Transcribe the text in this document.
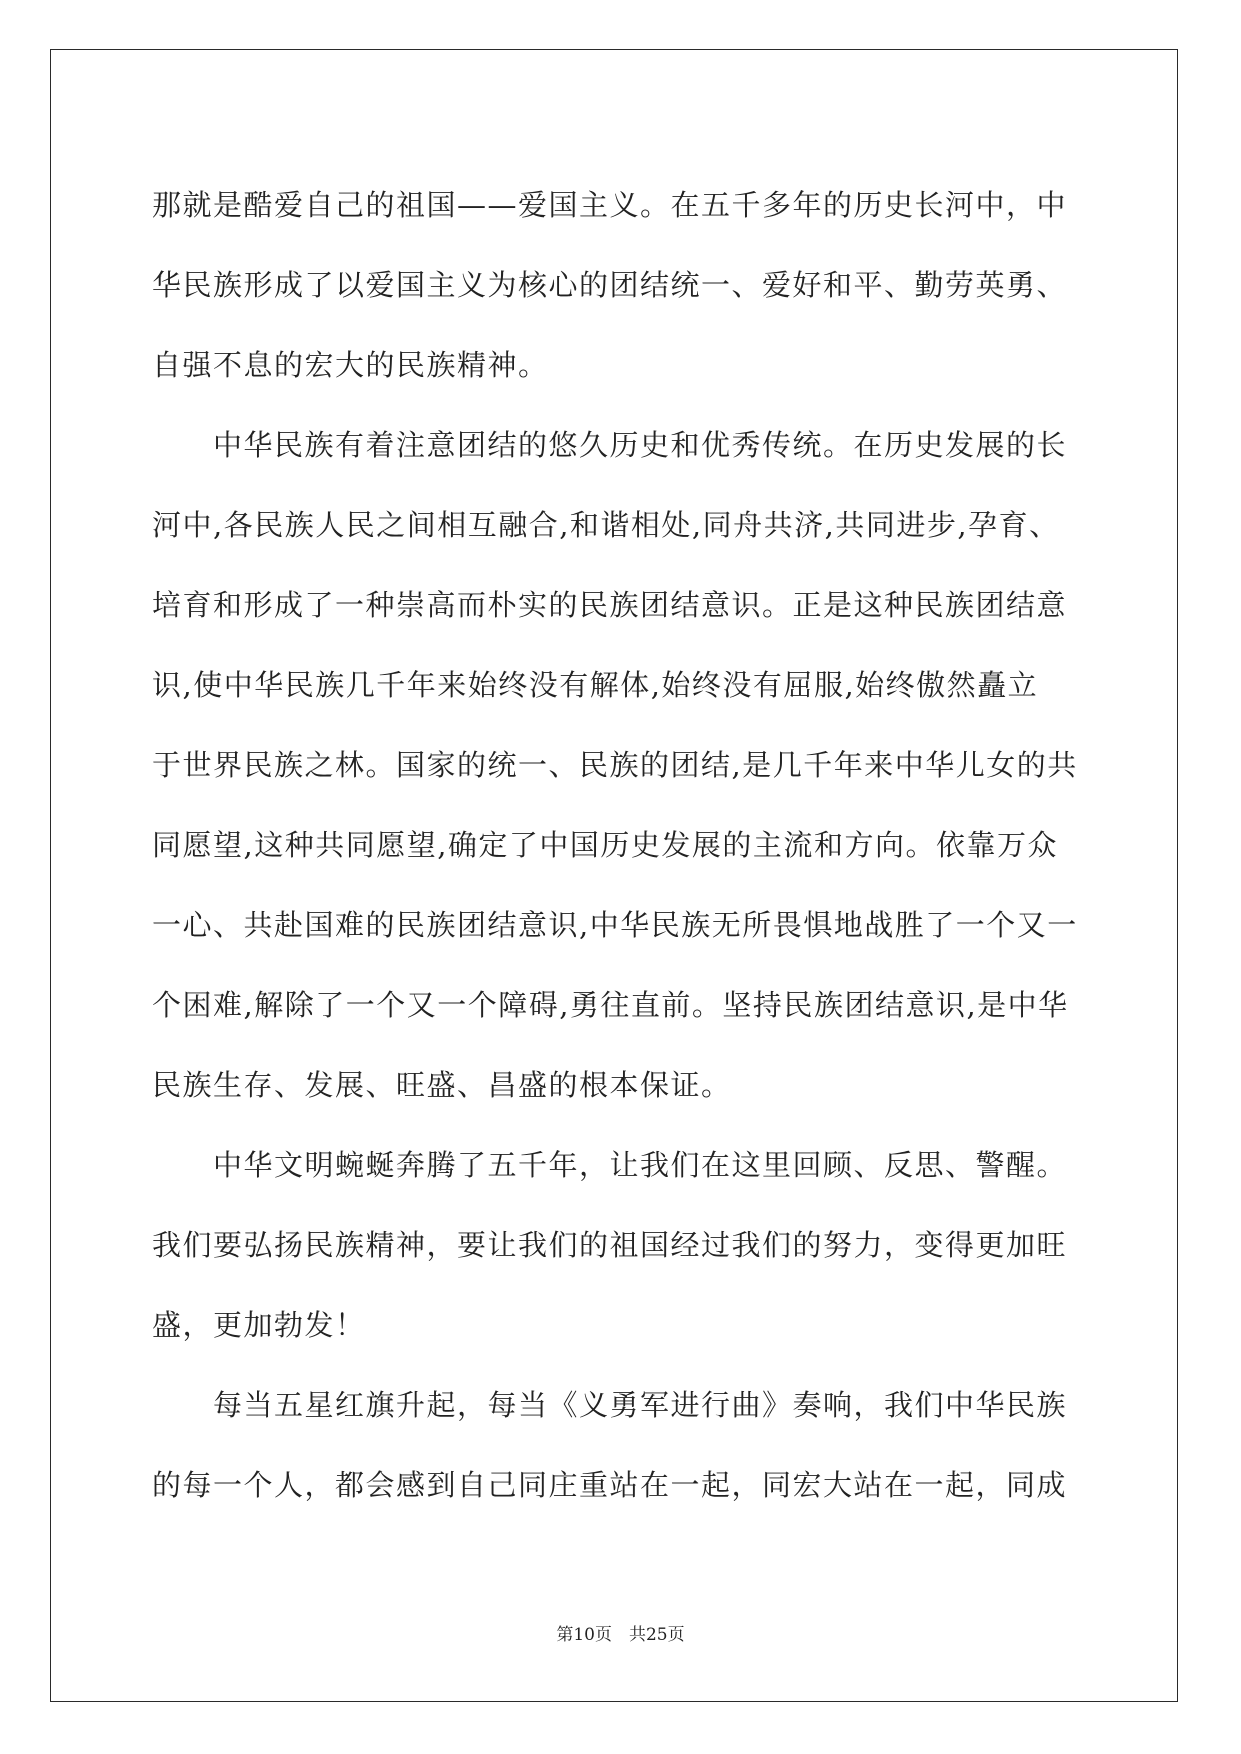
那就是酷爱自己的祖国——爱国主义。在五千多年的历史长河中，中
华民族形成了以爱国主义为核心的团结统一、爱好和平、勤劳英勇、
自强不息的宏大的民族精神。
　　中华民族有着注意团结的悠久历史和优秀传统。在历史发展的长
河中,各民族人民之间相互融合,和谐相处,同舟共济,共同进步,孕育、
培育和形成了一种崇高而朴实的民族团结意识。正是这种民族团结意
识,使中华民族几千年来始终没有解体,始终没有屈服,始终傲然矗立
于世界民族之林。国家的统一、民族的团结,是几千年来中华儿女的共
同愿望,这种共同愿望,确定了中国历史发展的主流和方向。依靠万众
一心、共赴国难的民族团结意识,中华民族无所畏惧地战胜了一个又一
个困难,解除了一个又一个障碍,勇往直前。坚持民族团结意识,是中华
民族生存、发展、旺盛、昌盛的根本保证。
　　中华文明蜿蜒奔腾了五千年，让我们在这里回顾、反思、警醒。
我们要弘扬民族精神，要让我们的祖国经过我们的努力，变得更加旺
盛，更加勃发！
　　每当五星红旗升起，每当《义勇军进行曲》奏响，我们中华民族
的每一个人，都会感到自己同庄重站在一起，同宏大站在一起，同成
第10页　共25页
